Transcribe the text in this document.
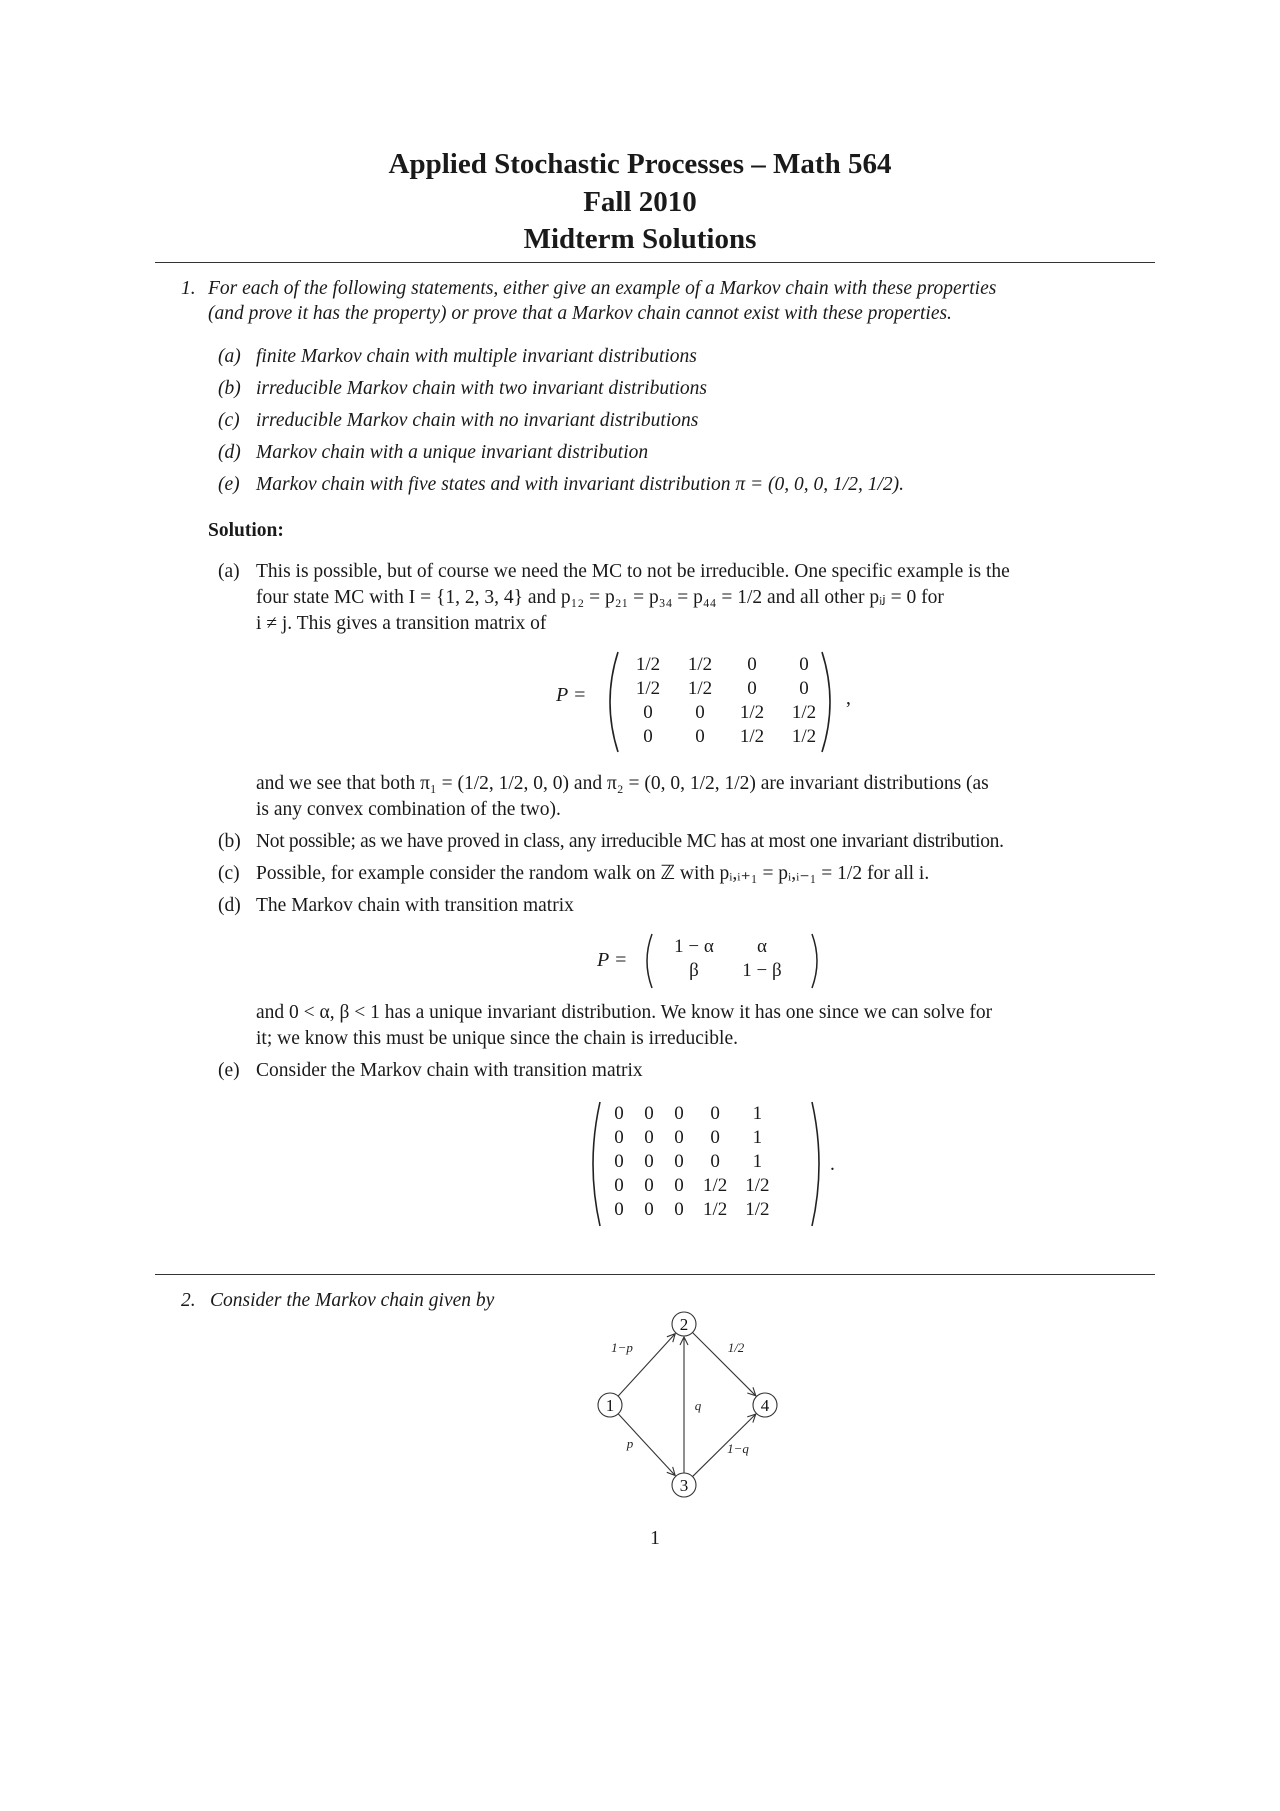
Applied Stochastic Processes – Math 564
Fall 2010
Midterm Solutions
1. For each of the following statements, either give an example of a Markov chain with these properties
(and prove it has the property) or prove that a Markov chain cannot exist with these properties.
(a) finite Markov chain with multiple invariant distributions
(b) irreducible Markov chain with two invariant distributions
(c) irreducible Markov chain with no invariant distributions
(d) Markov chain with a unique invariant distribution
(e) Markov chain with five states and with invariant distribution π = (0, 0, 0, 1/2, 1/2).
Solution:
(a) This is possible, but of course we need the MC to not be irreducible. One specific example is the
four state MC with I = {1, 2, 3, 4} and p₁₂ = p₂₁ = p₃₄ = p₄₄ = 1/2 and all other pᵢⱼ = 0 for
i ≠ j. This gives a transition matrix of
P =
1/2	1/2	0	0
1/2	1/2	0	0
0	0	1/2	1/2
0	0	1/2	1/2
,
and we see that both π₁ = (1/2, 1/2, 0, 0) and π₂ = (0, 0, 1/2, 1/2) are invariant distributions (as
is any convex combination of the two).
(b) Not possible; as we have proved in class, any irreducible MC has at most one invariant distribution.
(c) Possible, for example consider the random walk on ℤ with pᵢ,ᵢ₊₁ = pᵢ,ᵢ₋₁ = 1/2 for all i.
(d) The Markov chain with transition matrix
P =
1 − α	α
β	1 − β
and 0 < α, β < 1 has a unique invariant distribution. We know it has one since we can solve for
it; we know this must be unique since the chain is irreducible.
(e) Consider the Markov chain with transition matrix
0	0	0	0	1
0	0	0	0	1
0	0	0	0	1
0	0	0	1/2	1/2
0	0	0	1/2	1/2
.
2. Consider the Markov chain given by
1
2
3
4
1−p
p
q
1/2
1−q
1
